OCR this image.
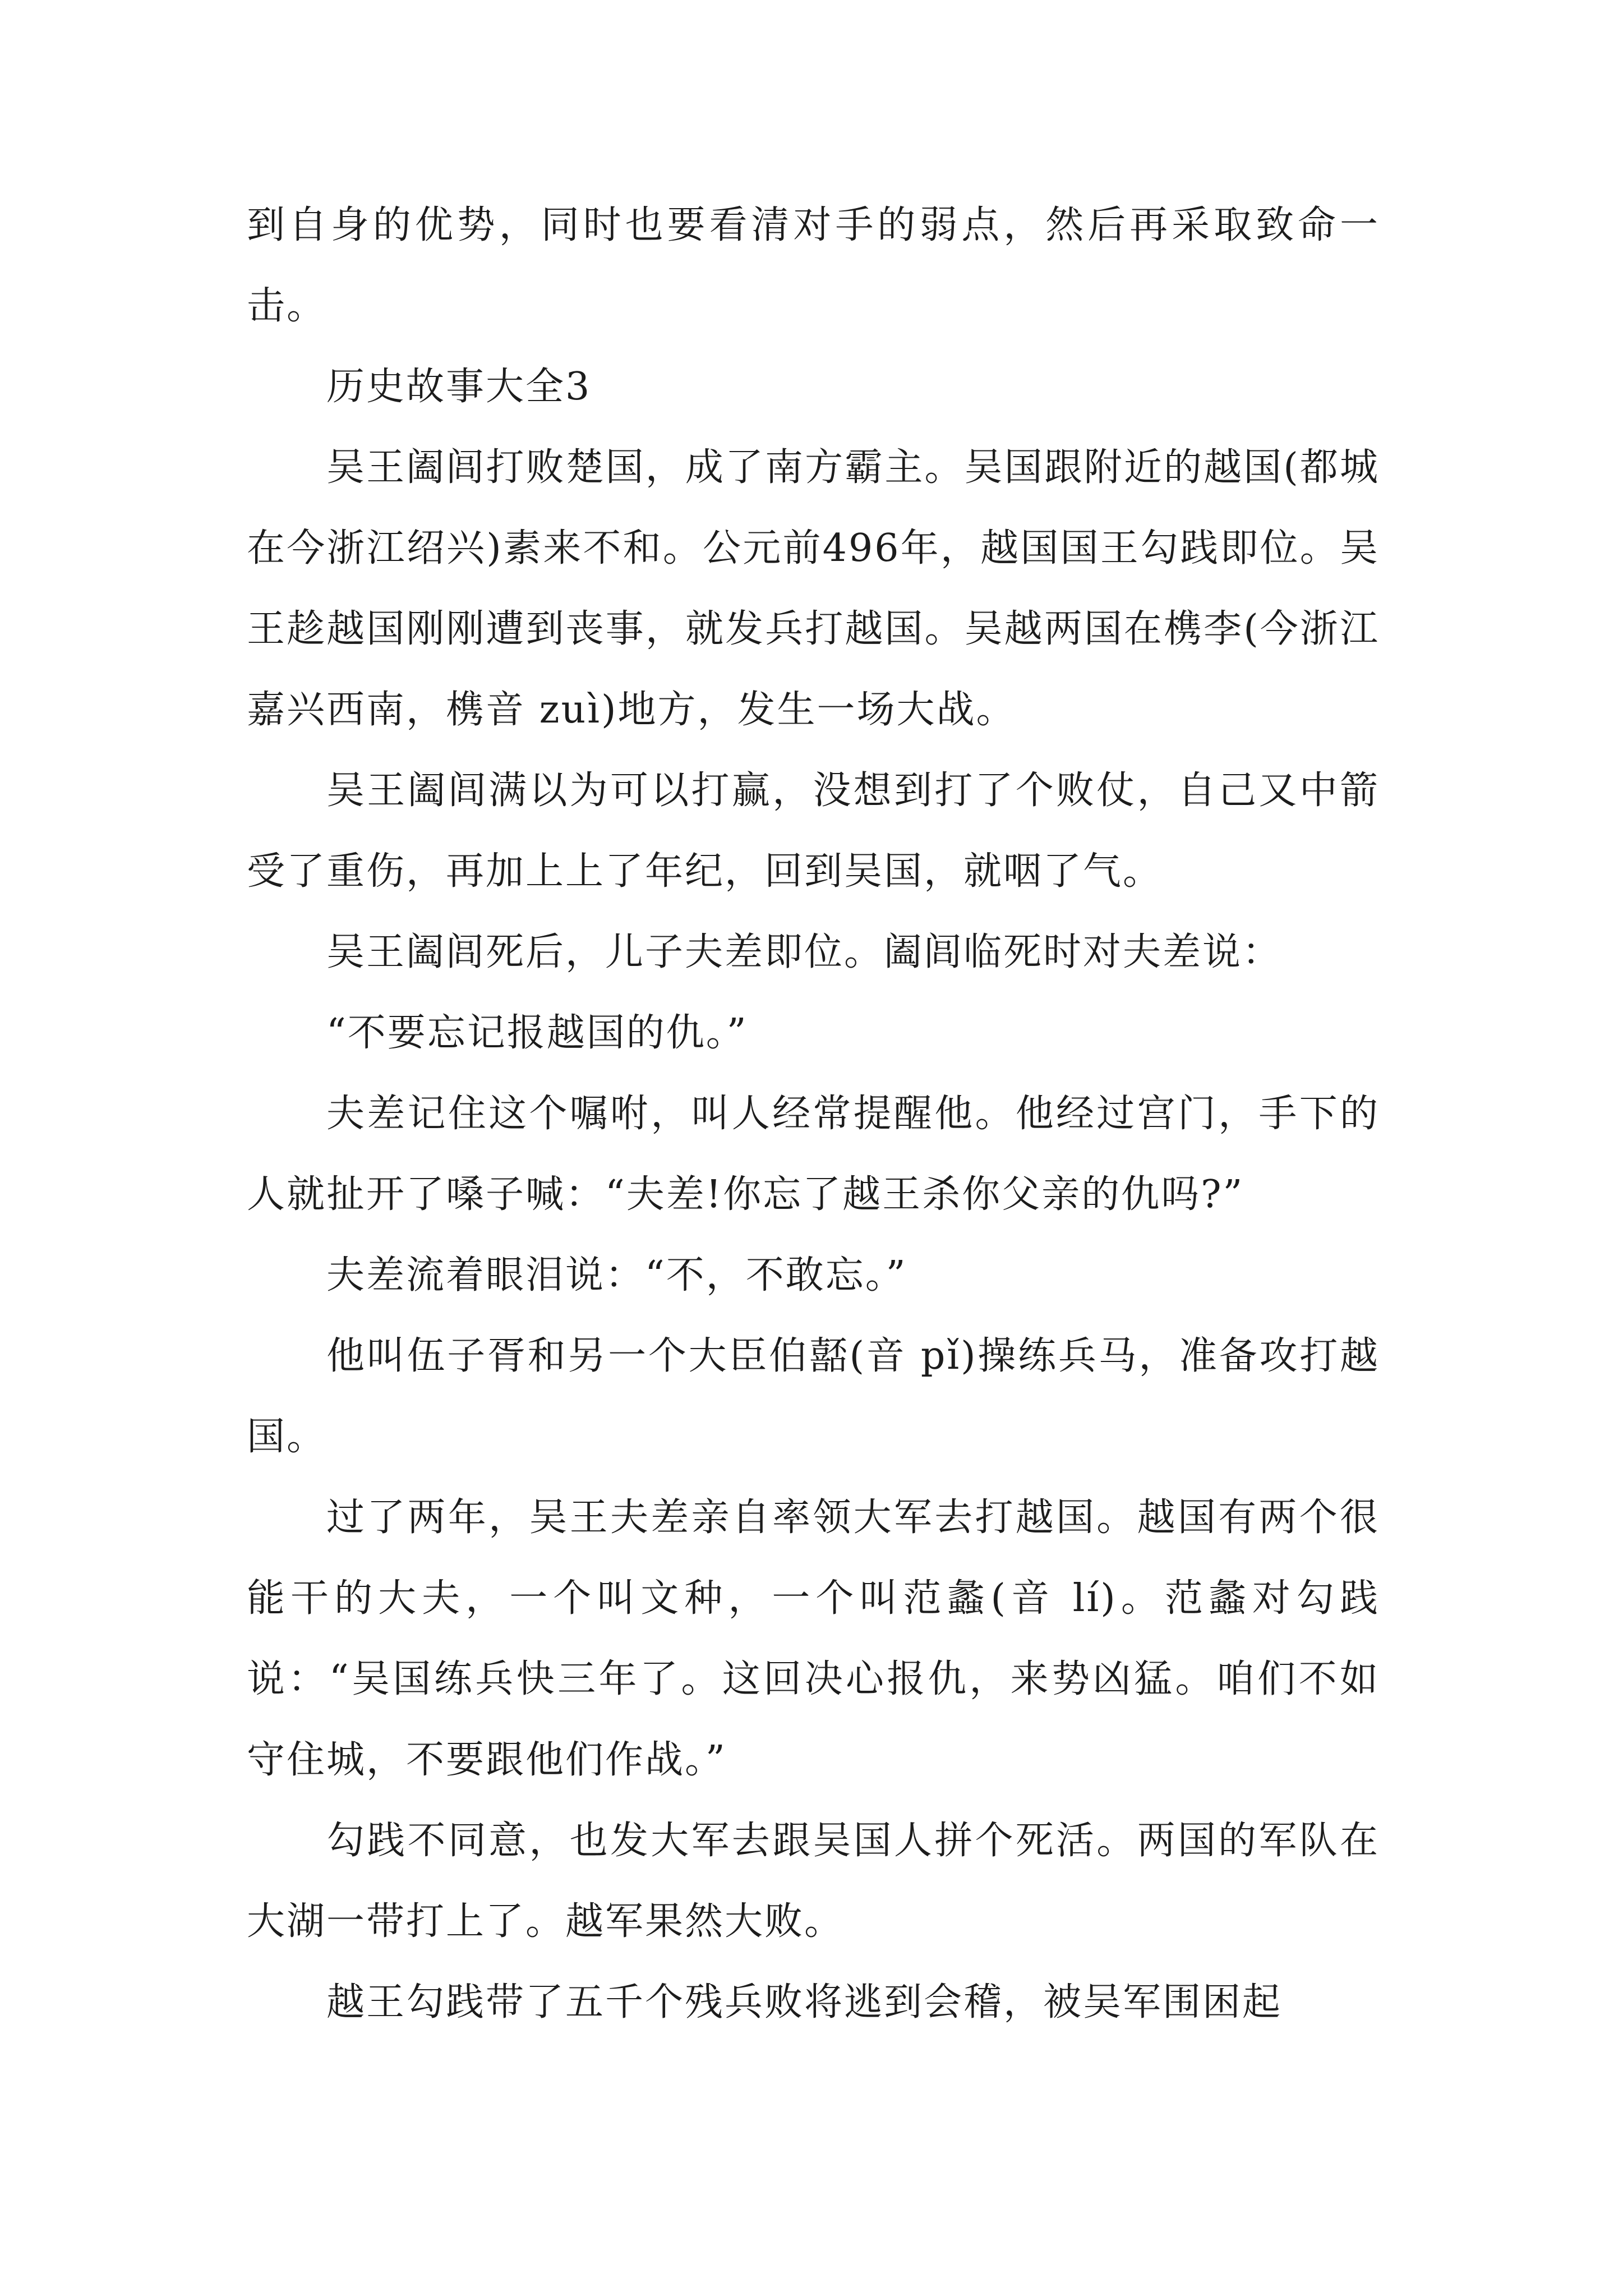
到自身的优势，同时也要看清对手的弱点，然后再采取致命一击。

历史故事大全3

吴王阖闾打败楚国，成了南方霸主。吴国跟附近的越国(都城在今浙江绍兴)素来不和。公元前496年，越国国王勾践即位。吴王趁越国刚刚遭到丧事，就发兵打越国。吴越两国在槜李(今浙江嘉兴西南，槜音 zuì)地方，发生一场大战。

吴王阖闾满以为可以打赢，没想到打了个败仗，自己又中箭受了重伤，再加上上了年纪，回到吴国，就咽了气。

吴王阖闾死后，儿子夫差即位。阖闾临死时对夫差说：

“不要忘记报越国的仇。”

夫差记住这个嘱咐，叫人经常提醒他。他经过宫门，手下的人就扯开了嗓子喊：“夫差!你忘了越王杀你父亲的仇吗?”

夫差流着眼泪说：“不，不敢忘。”

他叫伍子胥和另一个大臣伯嚭(音 pǐ)操练兵马，准备攻打越国。

过了两年，吴王夫差亲自率领大军去打越国。越国有两个很能干的大夫，一个叫文种，一个叫范蠡(音 lí)。范蠡对勾践说：“吴国练兵快三年了。这回决心报仇，来势凶猛。咱们不如守住城，不要跟他们作战。”

勾践不同意，也发大军去跟吴国人拼个死活。两国的军队在大湖一带打上了。越军果然大败。

越王勾践带了五千个残兵败将逃到会稽，被吴军围困起
